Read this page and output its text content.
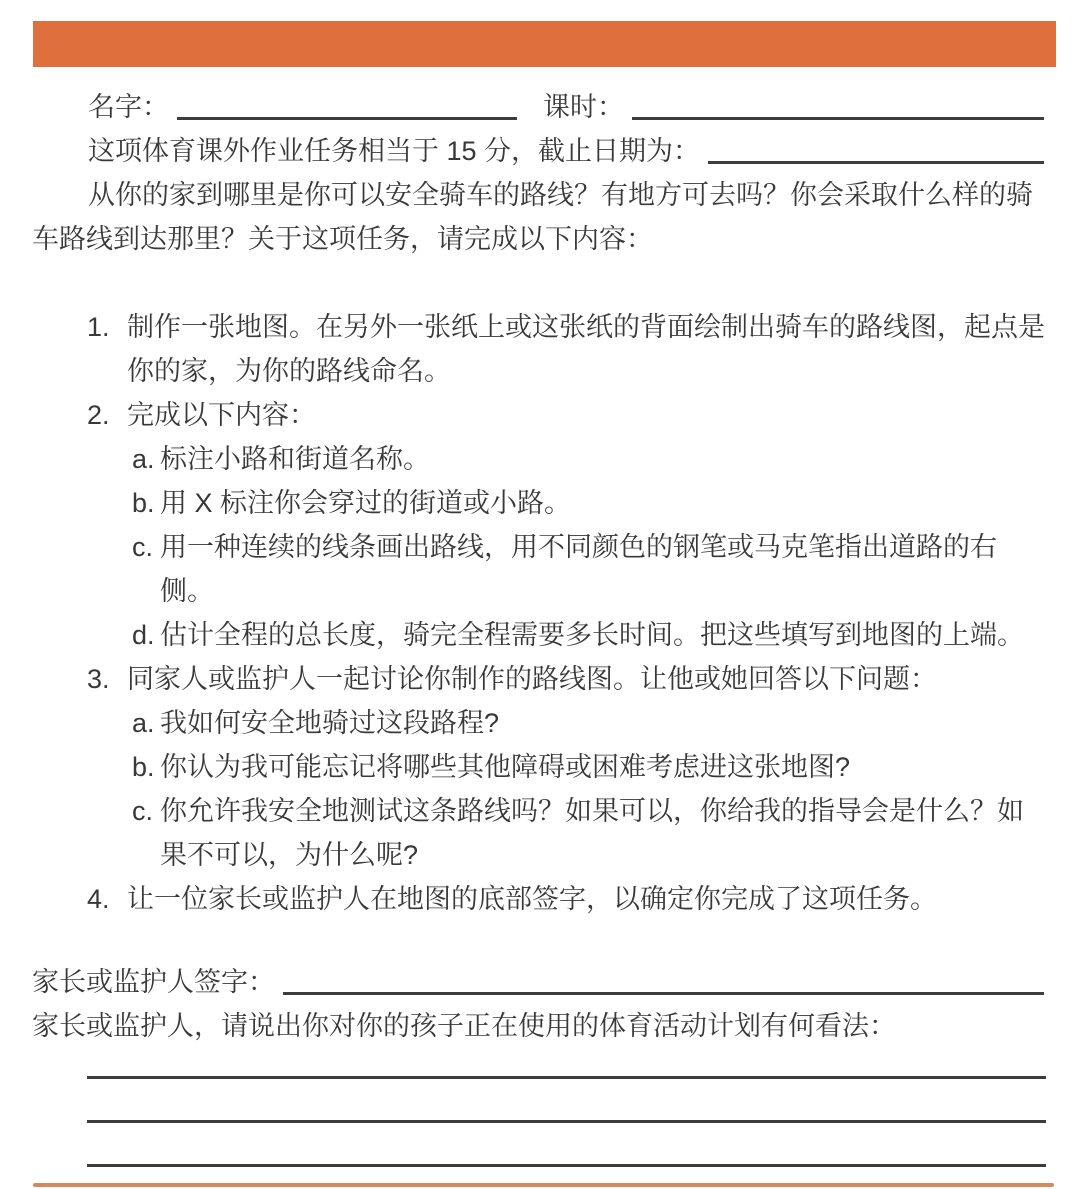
名字：	课时：
这项体育课外作业任务相当于 15 分，截止日期为：

从你的家到哪里是你可以安全骑车的路线？有地方可去吗？你会采取什么样的骑车路线到达那里？关于这项任务，请完成以下内容：

1. 制作一张地图。在另外一张纸上或这张纸的背面绘制出骑车的路线图，起点是你的家，为你的路线命名。
2. 完成以下内容：
a. 标注小路和街道名称。
b. 用 X 标注你会穿过的街道或小路。
c. 用一种连续的线条画出路线，用不同颜色的钢笔或马克笔指出道路的右侧。
d. 估计全程的总长度，骑完全程需要多长时间。把这些填写到地图的上端。
3. 同家人或监护人一起讨论你制作的路线图。让他或她回答以下问题：
a. 我如何安全地骑过这段路程?
b. 你认为我可能忘记将哪些其他障碍或困难考虑进这张地图?
c. 你允许我安全地测试这条路线吗？如果可以，你给我的指导会是什么？如果不可以，为什么呢?
4. 让一位家长或监护人在地图的底部签字，以确定你完成了这项任务。
家长或监护人签字：
家长或监护人，请说出你对你的孩子正在使用的体育活动计划有何看法：
